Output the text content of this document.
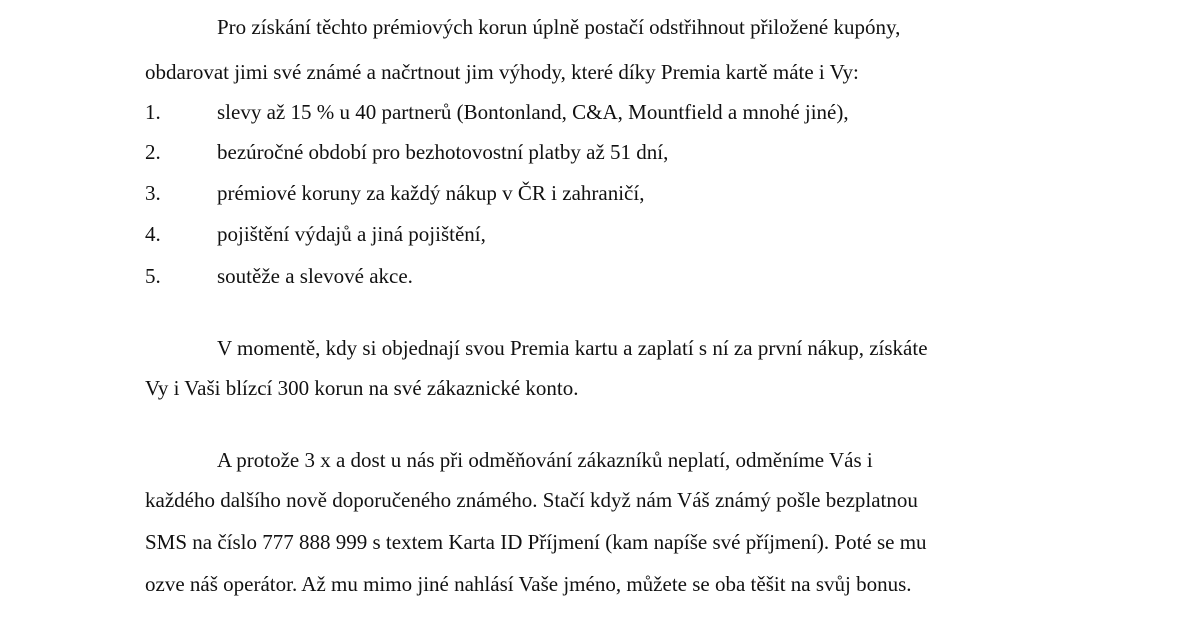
Pro získání těchto prémiových korun úplně postačí odstřihnout přiložené kupóny,
obdarovat jimi své známé a načrtnout jim výhody, které díky Premia kartě máte i Vy:
1.	slevy až 15 % u 40 partnerů (Bontonland, C&A, Mountfield a mnohé jiné),
2.	bezúročné období pro bezhotovostní platby až 51 dní,
3.	prémiové koruny za každý nákup v ČR i zahraničí,
4.	pojištění výdajů a jiná pojištění,
5.	soutěže a slevové akce.
V momentě, kdy si objednají svou Premia kartu a zaplatí s ní za první nákup, získáte
Vy i Vaši blízcí 300 korun na své zákaznické konto.
A protože 3 x a dost u nás při odměňování zákazníků neplatí, odměníme Vás i
každého dalšího nově doporučeného známého. Stačí když nám Váš známý pošle bezplatnou
SMS na číslo 777 888 999 s textem Karta ID Příjmení (kam napíše své příjmení). Poté se mu
ozve náš operátor. Až mu mimo jiné nahlásí Vaše jméno, můžete se oba těšit na svůj bonus.
